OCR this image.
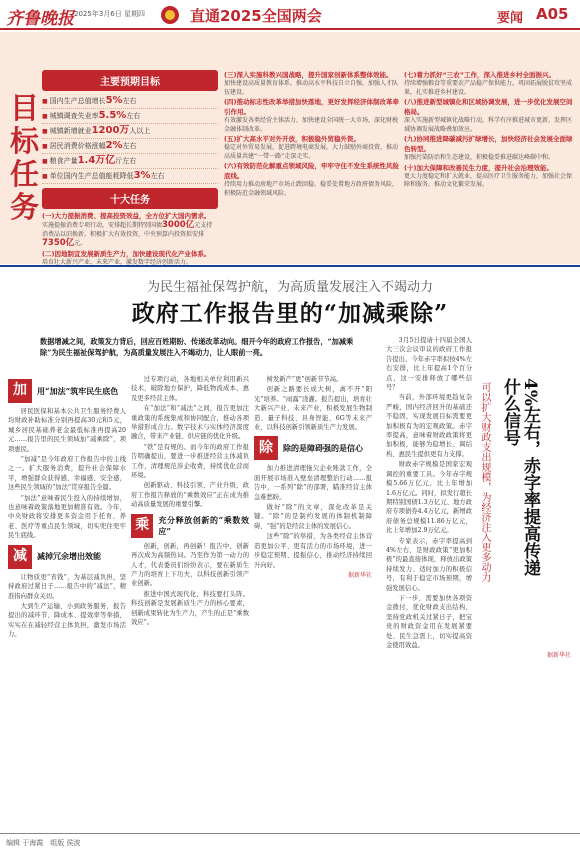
齐鲁晚报 2025年3月6日 星期四	直通2025全国两会	要闻 A05
目标任务
主要预期目标
■ 国内生产总值增长5%左右
■ 城镇调查失业率5.5%左右
■ 城镇新增就业1200万人以上
■ 居民消费价格涨幅2%左右
■ 粮食产量1.4万亿斤左右
■ 单位国内生产总值能耗降低3%左右
十大任务
(一)大力提振消费、提高投资效益，全方位扩大国内需求。
实施提振消费专项行动，安排超长期特别国债3000亿元支持消费品以旧换新。积极扩大有效投资，中央预算内投资拟安排7350亿元。
(二)因地制宜发展新质生产力，加快建设现代化产业体系。
培育壮大新兴产业、未来产业，激发数字经济创新活力。
(三)深入实施科教兴国战略，提升国家创新体系整体效能。
加快建设高质量教育体系，推动高水平科技自立自强，加强人才队伍建设。
(四)推动标志性改革举措加快落地，更好发挥经济体制改革牵引作用。
有效激发各类经营主体活力，加快建设全国统一大市场，深化财税金融体制改革。
(五)扩大高水平对外开放，积极稳外贸稳外资。
稳定对外贸易发展，促进跨境电商发展。大力鼓励外商投资，推动高质量共建“一带一路”走深走实。
(六)有效防范化解重点领域风险，牢牢守住不发生系统性风险底线。
持续用力推动房地产市场止跌回稳。稳妥处置地方政府债务风险，积极防范金融领域风险。
(七)着力抓好“三农”工作，深入推进乡村全面振兴。
持续增强粮食等重要农产品稳产保供能力，巩固拓展脱贫攻坚成果，扎实推进乡村建设。
(八)推进新型城镇化和区域协调发展，进一步优化发展空间格局。
深入实施新型城镇化战略行动，科学有序推进城市更新。发挥区域协调发展战略叠加效应。
(九)协同推进降碳减污扩绿增长，加快经济社会发展全面绿色转型。
加强污染防治和生态建设，积极稳妥推进碳达峰碳中和。
(十)加大保障和改善民生力度，提升社会治理效能。
更大力度稳定和扩大就业，提高医疗卫生服务能力，加强社会保障和服务，推动文化繁荣发展。
为民生福祉保驾护航，为高质量发展注入不竭动力
政府工作报告里的“加减乘除”
数据增减之间，政策发力背后，回应百姓期盼、传递改革动向。细开今年的政府工作报告，“加减乘除”为民生福祉保驾护航，为高质量发展注入不竭动力，让人眼前一亮。
加	用“加法”筑牢民生底色

居民医保和基本公共卫生服务经费人均财政补助标准分别再提高30元和5元，城乡居民基础养老金最低标准再提高20元……报告里的民生领域加“减乘除”，项项惠民。

“加减”是今年政府工作报告中的主线之一。扩大服务消费，提升社会保障水平，增强群众获得感、幸福感、安全感，这些民生领域的“加法”贯穿报告全篇。

“加法”意味着民生投入的持续增加，也意味着政策落地更加精准有效。今年，中央财政将安排更多资金用于托育、养老、医疗等重点民生领域，切实兜住兜牢民生底线。

减	减掉冗余增出效能

让物质更“省钱”，为基层减负担，坚持政府过紧日子……报告中的“减法”，精准指向群众关切。

大到生产运输、小到政务服务，报告提出的减环节、降成本、提效率等举措，实实在在减轻经营主体负担，激发市场活力。

过专项行动，各地相关单位利用新兴技术，破除地方保护，降低物流成本，惠及更多经营主体。

在“加法”和“减法”之间，报告更加注重政策的系统集成和协同配合，推动各项举措形成合力。数字技术与实体经济深度融合，带来产业链、供应链的优化升级。

“铁”是有规的。而今年的政府工作报告明确提出，要进一步推进经营主体减负工作，清理规范涉企收费，持续优化营商环境。

创新驱动、科技引领、产业升级，政府工作报告释放的“乘数效应”正在成为推动高质量发展的重要引擎。

乘	充分释放创新的“乘数效应”

创新，创新，再创新！报告中，创新再次成为高频热词。乃至作为第一动力的人才，代表委员们纷纷表示，要在新质生产力的培育上下功夫，以科技创新引领产业创新。

推进中国式现代化，科技要打头阵。科技创新是发展新质生产力的核心要素，创新成果转化为生产力，产生的正是“乘数效应”。

树发新产“更”创新节节高。

创新之路要长成大树，离不开“阳光”培养。“雨露”浇灌。报告提出，培育壮大新兴产业、未来产业，积极发展生物制造、量子科技、具身智能、6G等未来产业，以科技创新引领新质生产力发展。

除	除的是障碍强的是信心

加力推进清理拖欠企业账款工作，全面开展市场准入壁垒清理整治行动……报告中，一系列“除”的部署，瞄准经营主体急难愁盼。

做好“除”的文章，深化改革是关键。“除”的是制约发展的体制机制障碍，“强”的是经营主体的发展信心。

这些“除”的举措，为各类经营主体营造更加公平、更有活力的市场环境，进一步稳定预期、提振信心，推动经济持续回升向好。

据新华社

3月5日提请十四届全国人大三次会议审议的政府工作报告提出，今年赤字率拟按4%左右安排，比上年提高1个百分点，这一安排释放了哪些信号？

当前，外部环境更趋复杂严峻，国内经济回升的基础还不稳固，实现发展目标需要更加积极有为的宏观政策。赤字率提高，意味着财政政策将更加积极，能够为稳增长、调结构、惠民生提供更有力支撑。

财政赤字规模是国家宏观调控的重要工具。今年赤字规模5.66万亿元，比上年增加1.6万亿元。同时，拟发行超长期特别国债1.3万亿元、地方政府专项债券4.4万亿元，新增政府债务总规模11.86万亿元，比上年增加2.9万亿元。

专家表示，赤字率提高到4%左右，是财政政策“更加积极”的最直接体现，释放出政策持续发力、适时加力的积极信号，有利于稳定市场预期，增强发展信心。

下一步，需要加快各项资金拨付，优化财政支出结构，坚持党政机关过紧日子，把宝贵的财政资金用在发展紧要处、民生急需上，切实提高资金使用效益。

据新华社
4%左右，赤字率提高传递什么信号
可以扩大财政支出规模，为经济注入更多动力
编辑 于海霞　组版 侯波
